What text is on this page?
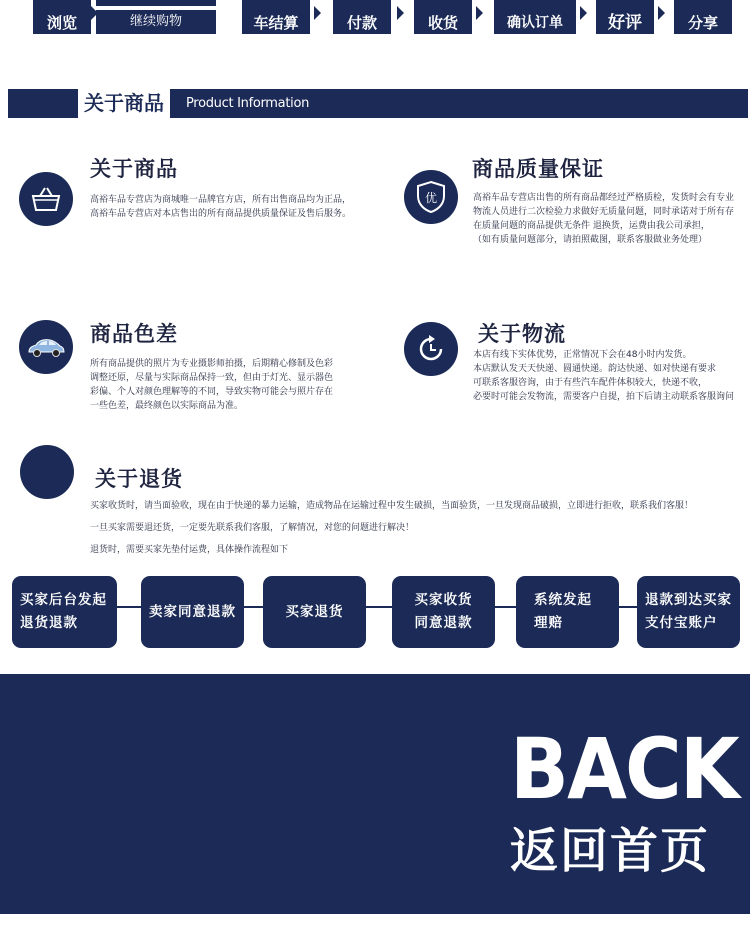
浏览	继续购物
	车结算
	付款
	收货
	确认订单
	好评
	分享
关于商品	Product Information
关于商品
高裕车品专营店为商城唯一品牌官方店，所有出售商品均为正品，
高裕车品专营店对本店售出的所有商品提供质量保证及售后服务。
优
商品质量保证
高裕车品专营店出售的所有商品都经过严格质检，发货时会有专业
物流人员进行二次检验力求做好无质量问题，同时承诺对于所有存
在质量问题的商品提供无条件 退换货，运费由我公司承担，
（如有质量问题部分，请拍照截图，联系客服做业务处理）
商品色差
所有商品提供的照片为专业摄影师拍摄，后期精心修制及色彩
调整还原，尽量与实际商品保持一致，但由于灯光、显示器色
彩偏、个人对颜色理解等的不同，导致实物可能会与照片存在
一些色差，最终颜色以实际商品为准。
关于物流
本店有线下实体优势，正常情况下会在48小时内发货。
本店默认发天天快递、圆通快递。韵达快递、如对快递有要求
可联系客服咨询，由于有些汽车配件体积较大，快递不收，
必要时可能会发物流，需要客户自提，拍下后请主动联系客服询问
关于退货
买家收货时，请当面验收，现在由于快递的暴力运输，造成物品在运输过程中发生破损，当面验货，一旦发现商品破损，立即进行拒收，联系我们客服！
一旦买家需要退还货，一定要先联系我们客服，了解情况，对您的问题进行解决！
退货时，需要买家先垫付运费，具体操作流程如下
买家后台发起
退货退款
卖家同意退款	买家退货
买家收货
同意退款
系统发起
理赔
退款到达买家
支付宝账户
BACK
返回首页
